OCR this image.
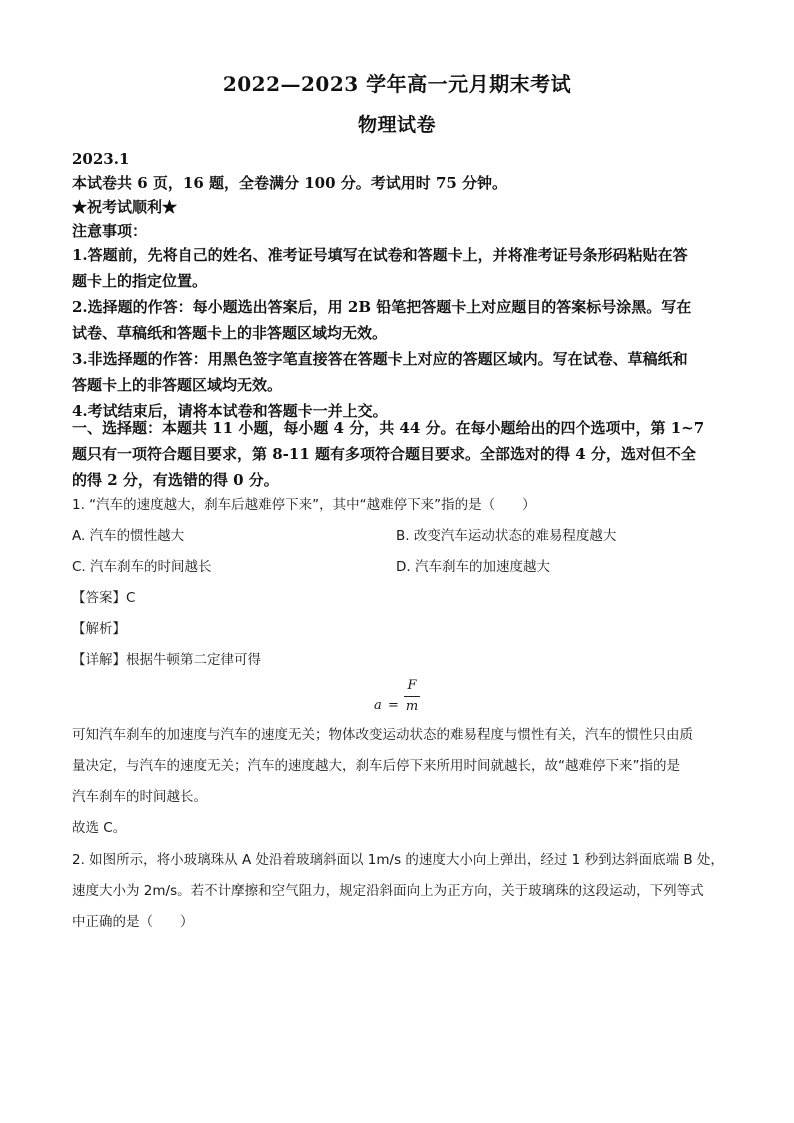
2022—2023 学年高一元月期末考试
物理试卷
2023.1
本试卷共 6 页，16 题，全卷满分 100 分。考试用时 75 分钟。
★祝考试顺利★
注意事项：
1.答题前，先将自己的姓名、准考证号填写在试卷和答题卡上，并将准考证号条形码粘贴在答
题卡上的指定位置。
2.选择题的作答：每小题选出答案后，用 2B 铅笔把答题卡上对应题目的答案标号涂黑。写在
试卷、草稿纸和答题卡上的非答题区域均无效。
3.非选择题的作答：用黑色签字笔直接答在答题卡上对应的答题区域内。写在试卷、草稿纸和
答题卡上的非答题区域均无效。
4.考试结束后，请将本试卷和答题卡一并上交。
一、选择题：本题共 11 小题，每小题 4 分，共 44 分。在每小题给出的四个选项中，第 1~7
题只有一项符合题目要求，第 8-11 题有多项符合题目要求。全部选对的得 4 分，选对但不全
的得 2 分，有选错的得 0 分。
1. “汽车的速度越大，刹车后越难停下来”，其中“越难停下来”指的是（　　）
A. 汽车的惯性越大	B. 改变汽车运动状态的难易程度越大
C. 汽车刹车的时间越长	D. 汽车刹车的加速度越大
【答案】C
【解析】
【详解】根据牛顿第二定律可得
a =
F
m
可知汽车刹车的加速度与汽车的速度无关；物体改变运动状态的难易程度与惯性有关，汽车的惯性只由质
量决定，与汽车的速度无关；汽车的速度越大，刹车后停下来所用时间就越长，故“越难停下来”指的是
汽车刹车的时间越长。
故选 C。
2. 如图所示，将小玻璃珠从 A 处沿着玻璃斜面以 1m/s 的速度大小向上弹出，经过 1 秒到达斜面底端 B 处，
速度大小为 2m/s。若不计摩擦和空气阻力，规定沿斜面向上为正方向，关于玻璃珠的这段运动，下列等式
中正确的是（　　）
